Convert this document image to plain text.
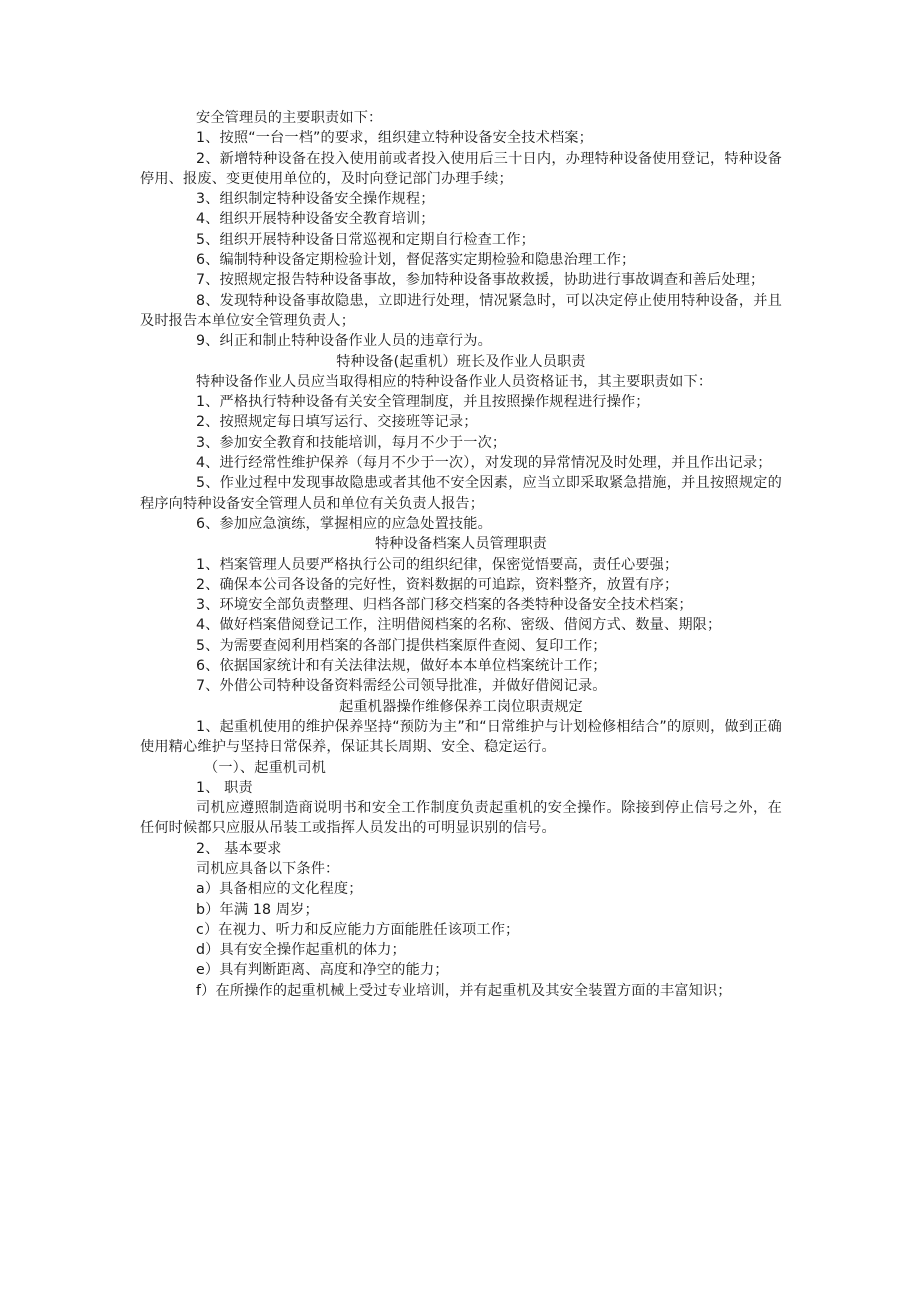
安全管理员的主要职责如下：

1、按照“一台一档”的要求，组织建立特种设备安全技术档案；

2、新增特种设备在投入使用前或者投入使用后三十日内，办理特种设备使用登记，特种设备停用、报废、变更使用单位的，及时向登记部门办理手续；

3、组织制定特种设备安全操作规程；

4、组织开展特种设备安全教育培训；

5、组织开展特种设备日常巡视和定期自行检查工作；

6、编制特种设备定期检验计划，督促落实定期检验和隐患治理工作；

7、按照规定报告特种设备事故，参加特种设备事故救援，协助进行事故调查和善后处理；

8、发现特种设备事故隐患，立即进行处理，情况紧急时，可以决定停止使用特种设备，并且及时报告本单位安全管理负责人；

9、纠正和制止特种设备作业人员的违章行为。

特种设备(起重机）班长及作业人员职责

特种设备作业人员应当取得相应的特种设备作业人员资格证书，其主要职责如下：

1、严格执行特种设备有关安全管理制度，并且按照操作规程进行操作；

2、按照规定每日填写运行、交接班等记录；

3、参加安全教育和技能培训，每月不少于一次；

4、进行经常性维护保养（每月不少于一次），对发现的异常情况及时处理，并且作出记录；

5、作业过程中发现事故隐患或者其他不安全因素，应当立即采取紧急措施，并且按照规定的程序向特种设备安全管理人员和单位有关负责人报告；

6、参加应急演练，掌握相应的应急处置技能。

特种设备档案人员管理职责

1、档案管理人员要严格执行公司的组织纪律，保密觉悟要高，责任心要强；

2、确保本公司各设备的完好性，资料数据的可追踪，资料整齐，放置有序；

3、环境安全部负责整理、归档各部门移交档案的各类特种设备安全技术档案；

4、做好档案借阅登记工作，注明借阅档案的名称、密级、借阅方式、数量、期限；

5、为需要查阅利用档案的各部门提供档案原件查阅、复印工作；

6、依据国家统计和有关法律法规，做好本本单位档案统计工作；

7、外借公司特种设备资料需经公司领导批准，并做好借阅记录。

起重机器操作维修保养工岗位职责规定

1、起重机使用的维护保养坚持“预防为主”和“日常维护与计划检修相结合”的原则，做到正确使用精心维护与坚持日常保养，保证其长周期、安全、稳定运行。

（一）、起重机司机

1、 职责

司机应遵照制造商说明书和安全工作制度负责起重机的安全操作。除接到停止信号之外，在任何时候都只应服从吊装工或指挥人员发出的可明显识别的信号。

2、 基本要求

司机应具备以下条件：

a）具备相应的文化程度；

b）年满 18 周岁；

c）在视力、听力和反应能力方面能胜任该项工作；

d）具有安全操作起重机的体力；

e）具有判断距离、高度和净空的能力；

f）在所操作的起重机械上受过专业培训，并有起重机及其安全装置方面的丰富知识；
